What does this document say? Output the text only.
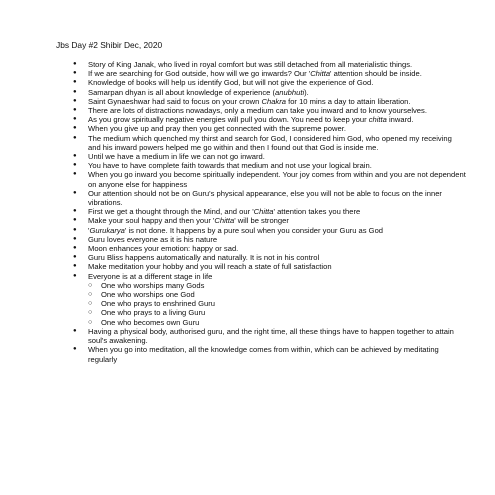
Jbs Day #2 Shibir Dec, 2020
● Story of King Janak, who lived in royal comfort but was still detached from all materialistic things.
● If we are searching for God outside, how will we go inwards? Our 'Chitta' attention should be inside.
● Knowledge of books will help us identify God, but will not give the experience of God.
● Samarpan dhyan is all about knowledge of experience (anubhuti).
● Saint Gynaeshwar had said to focus on your crown Chakra for 10 mins a day to attain liberation.
● There are lots of distractions nowadays, only a medium can take you inward and to know yourselves.
● As you grow spiritually negative energies will pull you down. You need to keep your chitta inward.
● When you give up and pray then you get connected with the supreme power.
● The medium which quenched my thirst and search for God, I considered him God, who opened my receiving and his inward powers helped me go within and then I found out that God is inside me.
● Until we have a medium in life we can not go inward.
● You have to have complete faith towards that medium and not use your logical brain.
● When you go inward you become spiritually independent. Your joy comes from within and you are not dependent on anyone else for happiness
● Our attention should not be on Guru's physical appearance, else you will not be able to focus on the inner vibrations.
● First we get a thought through the Mind, and our 'Chitta' attention takes you there
● Make your soul happy and then your 'Chitta' will be stronger
● 'Gurukarya' is not done. It happens by a pure soul when you consider your Guru as God
● Guru loves everyone as it is his nature
● Moon enhances your emotion: happy or sad.
● Guru Bliss happens automatically and naturally. It is not in his control
● Make meditation your hobby and you will reach a state of full satisfaction
● Everyone is at a different stage in life
○ One who worships many Gods
○ One who worships one God
○ One who prays to enshrined Guru
○ One who prays to a living Guru
○ One who becomes own Guru
● Having a physical body, authorised guru, and the right time, all these things have to happen together to attain soul's awakening.
● When you go into meditation, all the knowledge comes from within, which can be achieved by meditating regularly
